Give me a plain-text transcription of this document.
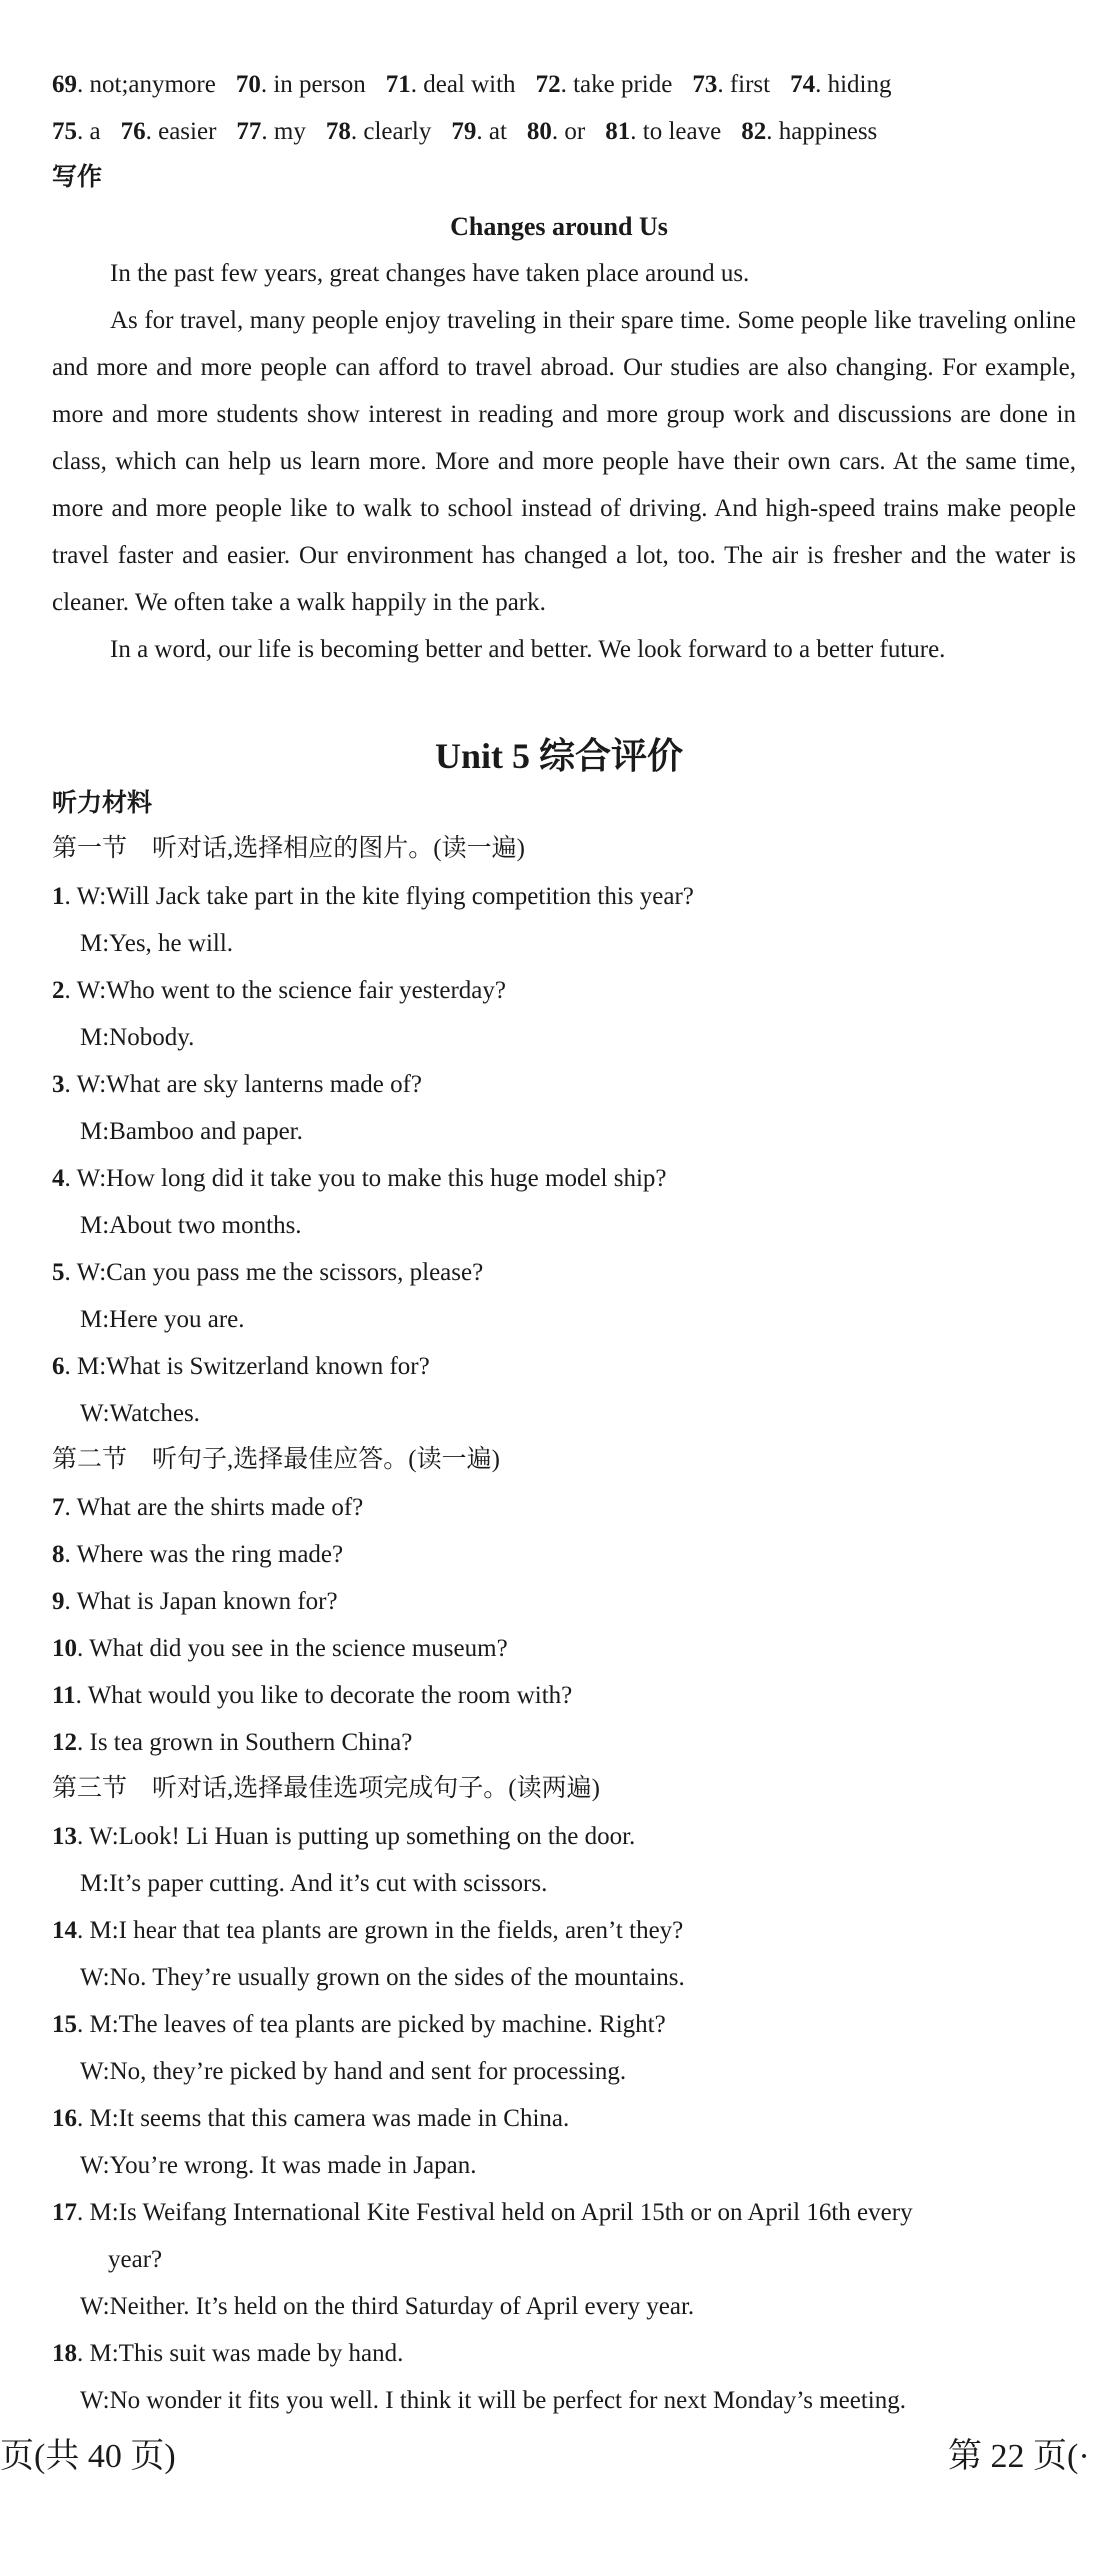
69. not;anymore 70. in person 71. deal with 72. take pride 73. first 74. hiding
75. a 76. easier 77. my 78. clearly 79. at 80. or 81. to leave 82. happiness
写作
Changes around Us

In the past few years, great changes have taken place around us.

As for travel, many people enjoy traveling in their spare time. Some people like traveling online and more and more people can afford to travel abroad. Our studies are also changing. For example, more and more students show interest in reading and more group work and discussions are done in class, which can help us learn more. More and more people have their own cars. At the same time, more and more people like to walk to school instead of driving. And high-speed trains make people travel faster and easier. Our environment has changed a lot, too. The air is fresher and the water is cleaner. We often take a walk happily in the park.

In a word, our life is becoming better and better. We look forward to a better future.

Unit 5 综合评价
听力材料
第一节　听对话,选择相应的图片。(读一遍)
1. W:Will Jack take part in the kite flying competition this year?
M:Yes, he will.
2. W:Who went to the science fair yesterday?
M:Nobody.
3. W:What are sky lanterns made of?
M:Bamboo and paper.
4. W:How long did it take you to make this huge model ship?
M:About two months.
5. W:Can you pass me the scissors, please?
M:Here you are.
6. M:What is Switzerland known for?
W:Watches.
第二节　听句子,选择最佳应答。(读一遍)
7. What are the shirts made of?
8. Where was the ring made?
9. What is Japan known for?
10. What did you see in the science museum?
11. What would you like to decorate the room with?
12. Is tea grown in Southern China?
第三节　听对话,选择最佳选项完成句子。(读两遍)
13. W:Look! Li Huan is putting up something on the door.
M:It’s paper cutting. And it’s cut with scissors.
14. M:I hear that tea plants are grown in the fields, aren’t they?
W:No. They’re usually grown on the sides of the mountains.
15. M:The leaves of tea plants are picked by machine. Right?
W:No, they’re picked by hand and sent for processing.
16. M:It seems that this camera was made in China.
W:You’re wrong. It was made in Japan.
17. M:Is Weifang International Kite Festival held on April 15th or on April 16th every
year?
W:Neither. It’s held on the third Saturday of April every year.
18. M:This suit was made by hand.
W:No wonder it fits you well. I think it will be perfect for next Monday’s meeting.
页(共 40 页)	第 22 页(·
